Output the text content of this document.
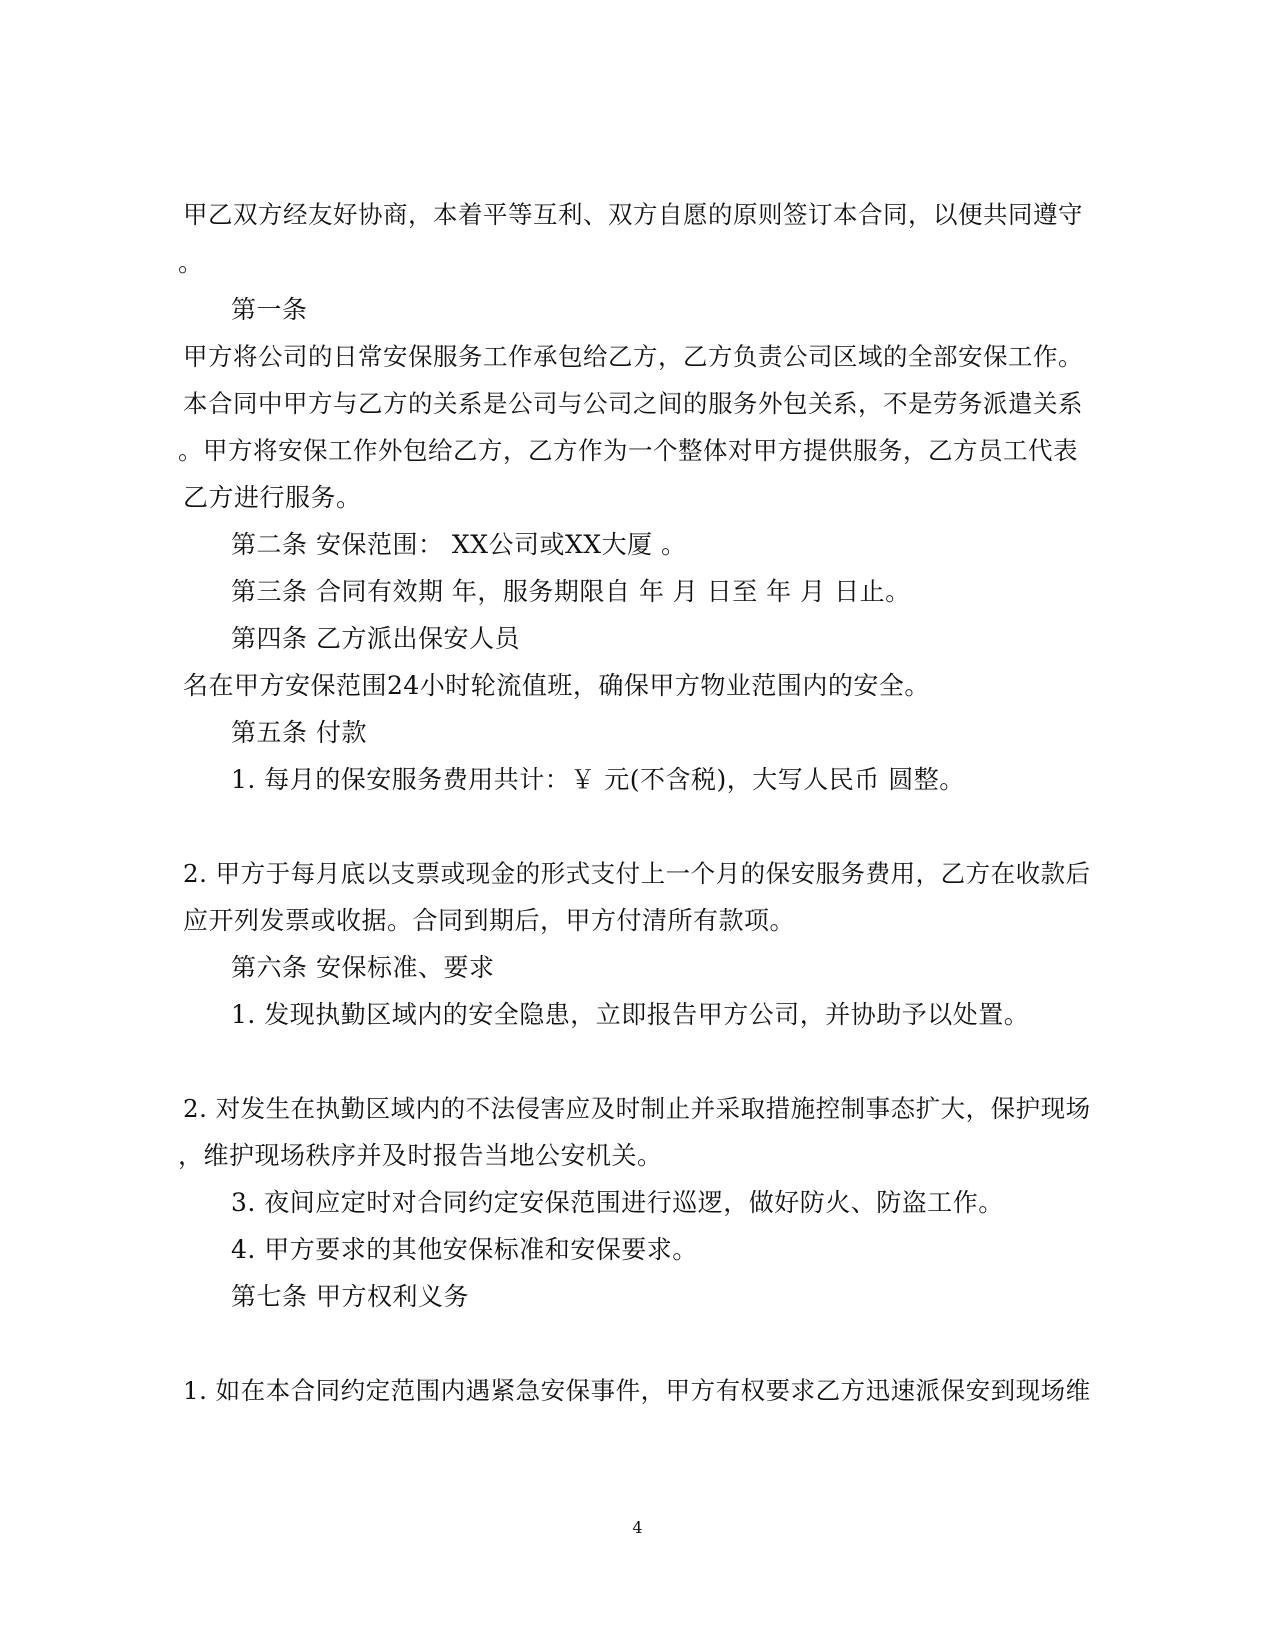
甲乙双方经友好协商，本着平等互利、双方自愿的原则签订本合同，以便共同遵守
。
第一条
甲方将公司的日常安保服务工作承包给乙方，乙方负责公司区域的全部安保工作。
本合同中甲方与乙方的关系是公司与公司之间的服务外包关系，不是劳务派遣关系
。甲方将安保工作外包给乙方，乙方作为一个整体对甲方提供服务，乙方员工代表
乙方进行服务。
第二条 安保范围： XX公司或XX大厦 。
第三条 合同有效期 年，服务期限自 年 月 日至 年 月 日止。
第四条 乙方派出保安人员
名在甲方安保范围24小时轮流值班，确保甲方物业范围内的安全。
第五条 付款
1. 每月的保安服务费用共计：￥ 元(不含税)，大写人民币 圆整。
2. 甲方于每月底以支票或现金的形式支付上一个月的保安服务费用，乙方在收款后
应开列发票或收据。合同到期后，甲方付清所有款项。
第六条 安保标准、要求
1. 发现执勤区域内的安全隐患，立即报告甲方公司，并协助予以处置。
2. 对发生在执勤区域内的不法侵害应及时制止并采取措施控制事态扩大，保护现场
，维护现场秩序并及时报告当地公安机关。
3. 夜间应定时对合同约定安保范围进行巡逻，做好防火、防盗工作。
4. 甲方要求的其他安保标准和安保要求。
第七条 甲方权利义务
1. 如在本合同约定范围内遇紧急安保事件，甲方有权要求乙方迅速派保安到现场维
4
